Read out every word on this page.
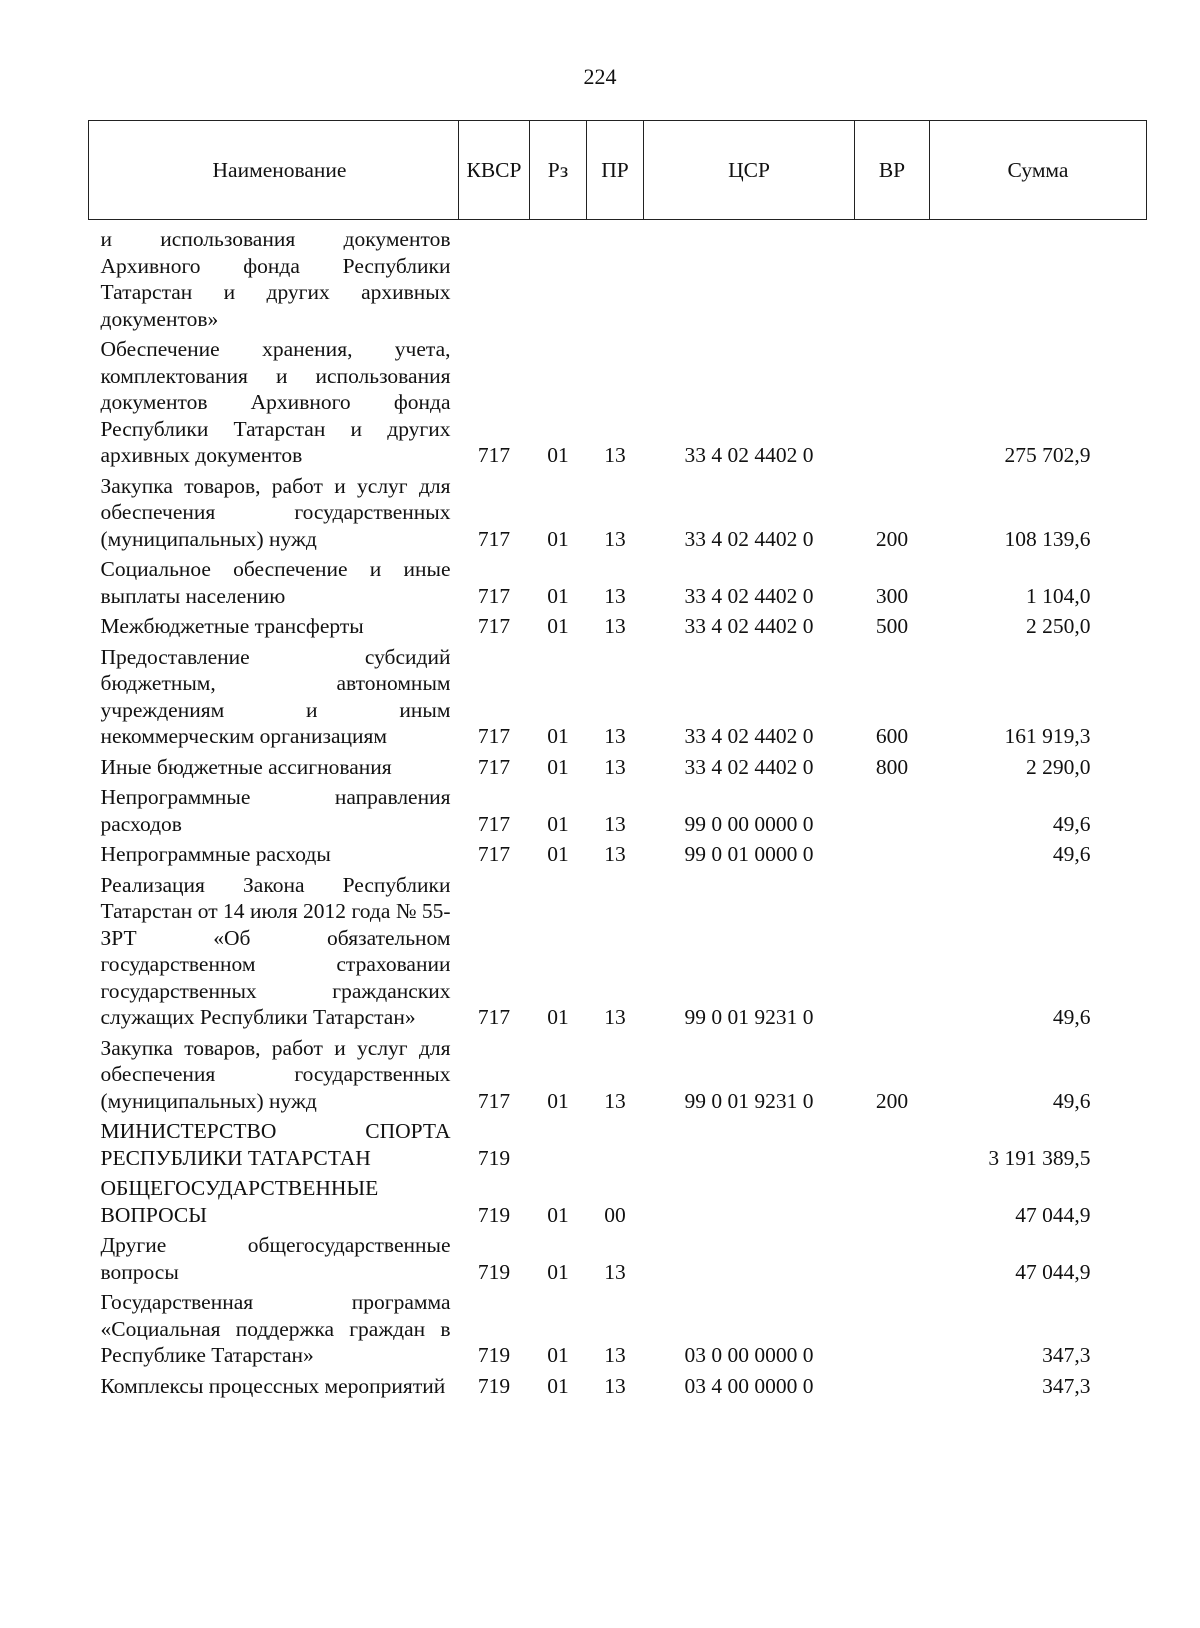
224
Наименование	КВСР	Рз	ПР	ЦСР	ВР	Сумма
и использования документов Архивного фонда Республики Татарстан и других архивных документов»						
Обеспечение хранения, учета, комплектования и использования документов Архивного фонда Республики Татарстан и других архивных документов	717	01	13	33 4 02 4402 0		275 702,9
Закупка товаров, работ и услуг для обеспечения государственных (муниципальных) нужд	717	01	13	33 4 02 4402 0	200	108 139,6
Социальное обеспечение и иные выплаты населению	717	01	13	33 4 02 4402 0	300	1 104,0
Межбюджетные трансферты	717	01	13	33 4 02 4402 0	500	2 250,0
Предоставление субсидий бюджетным, автономным учреждениям и иным некоммерческим организациям	717	01	13	33 4 02 4402 0	600	161 919,3
Иные бюджетные ассигнования	717	01	13	33 4 02 4402 0	800	2 290,0
Непрограммные направления расходов	717	01	13	99 0 00 0000 0		49,6
Непрограммные расходы	717	01	13	99 0 01 0000 0		49,6
Реализация Закона Республики Татарстан от 14 июля 2012 года № 55-ЗРТ «Об обязательном государственном страховании государственных гражданских служащих Республики Татарстан»	717	01	13	99 0 01 9231 0		49,6
Закупка товаров, работ и услуг для обеспечения государственных (муниципальных) нужд	717	01	13	99 0 01 9231 0	200	49,6
МИНИСТЕРСТВО СПОРТА РЕСПУБЛИКИ ТАТАРСТАН	719					3 191 389,5
ОБЩЕГОСУДАРСТВЕННЫЕ ВОПРОСЫ	719	01	00			47 044,9
Другие общегосударственные вопросы	719	01	13			47 044,9
Государственная программа «Социальная поддержка граждан в Республике Татарстан»	719	01	13	03 0 00 0000 0		347,3
Комплексы процессных мероприятий	719	01	13	03 4 00 0000 0		347,3
